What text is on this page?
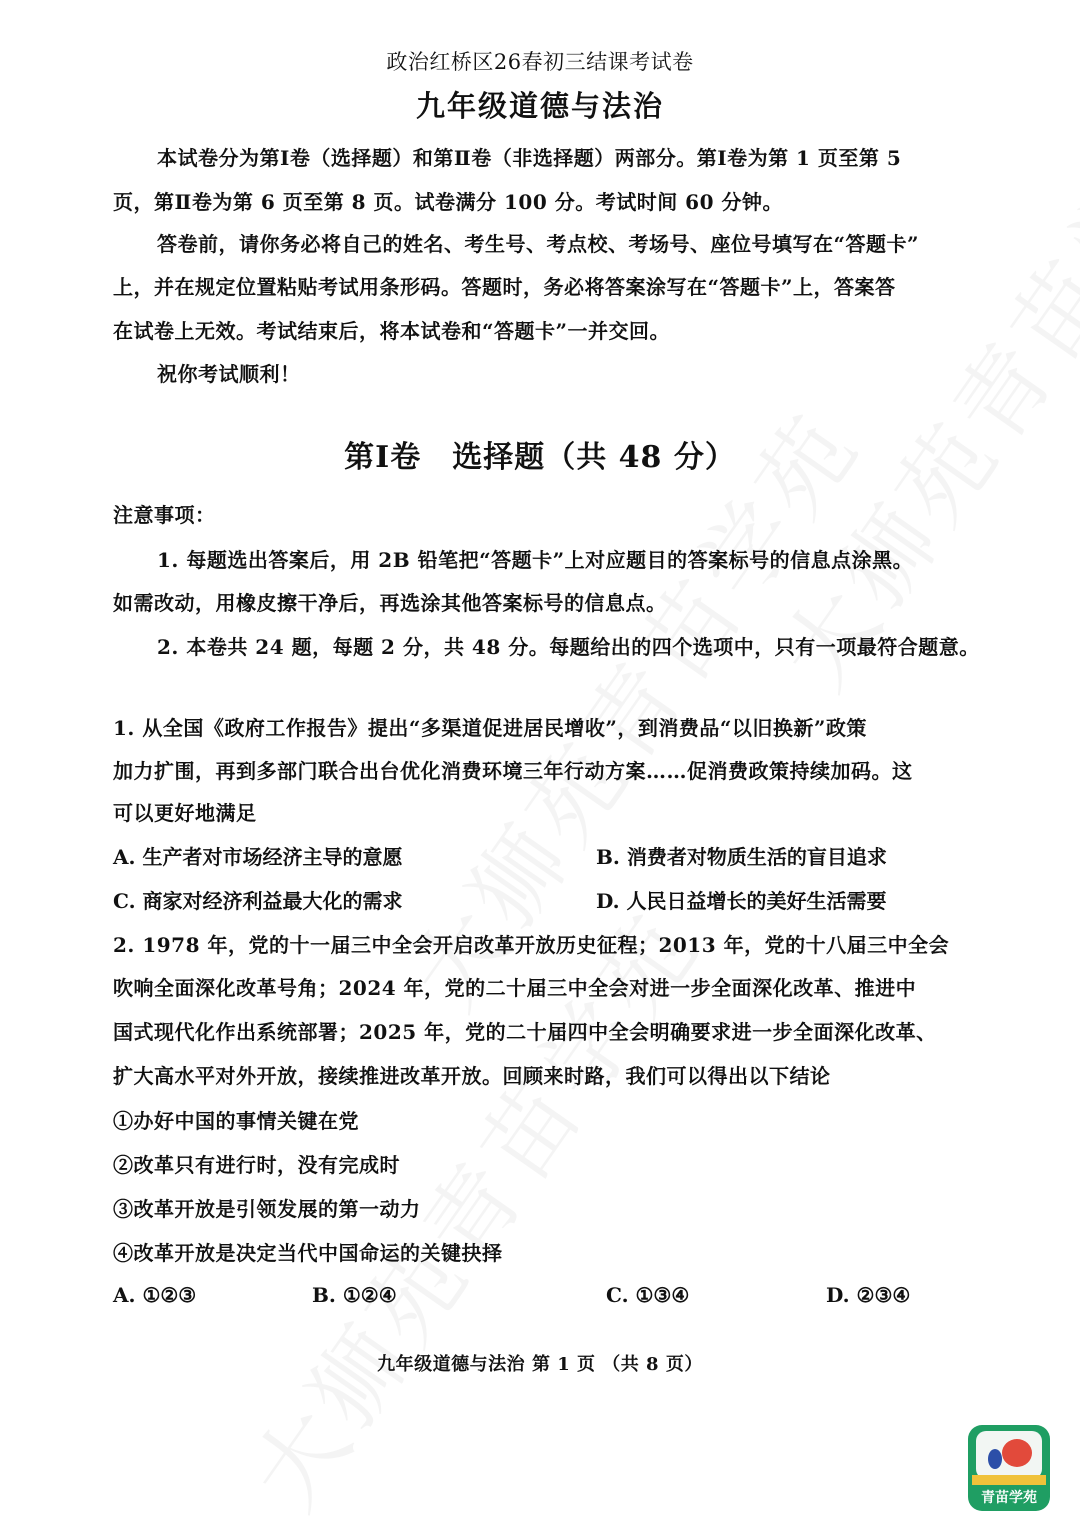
政治红桥区26春初三结课考试卷
九年级道德与法治
本试卷分为第Ⅰ卷（选择题）和第Ⅱ卷（非选择题）两部分。第Ⅰ卷为第 1 页至第 5
页，第Ⅱ卷为第 6 页至第 8 页。试卷满分 100 分。考试时间 60 分钟。
答卷前，请你务必将自己的姓名、考生号、考点校、考场号、座位号填写在“答题卡”
上，并在规定位置粘贴考试用条形码。答题时，务必将答案涂写在“答题卡”上，答案答
在试卷上无效。考试结束后，将本试卷和“答题卡”一并交回。
祝你考试顺利！
第Ⅰ卷　选择题（共 48 分）
注意事项：
1. 每题选出答案后，用 2B 铅笔把“答题卡”上对应题目的答案标号的信息点涂黑。
如需改动，用橡皮擦干净后，再选涂其他答案标号的信息点。
2. 本卷共 24 题，每题 2 分，共 48 分。每题给出的四个选项中，只有一项最符合题意。
1. 从全国《政府工作报告》提出“多渠道促进居民增收”，到消费品“以旧换新”政策
加力扩围，再到多部门联合出台优化消费环境三年行动方案……促消费政策持续加码。这
可以更好地满足
A. 生产者对市场经济主导的意愿	B. 消费者对物质生活的盲目追求
C. 商家对经济利益最大化的需求	D. 人民日益增长的美好生活需要
2. 1978 年，党的十一届三中全会开启改革开放历史征程；2013 年，党的十八届三中全会
吹响全面深化改革号角；2024 年，党的二十届三中全会对进一步全面深化改革、推进中
国式现代化作出系统部署；2025 年，党的二十届四中全会明确要求进一步全面深化改革、
扩大高水平对外开放，接续推进改革开放。回顾来时路，我们可以得出以下结论
①办好中国的事情关键在党
②改革只有进行时，没有完成时
③改革开放是引领发展的第一动力
④改革开放是决定当代中国命运的关键抉择
A. ①②③	B. ①②④	C. ①③④	D. ②③④
九年级道德与法治 第 1 页 （共 8 页）
青苗学苑
